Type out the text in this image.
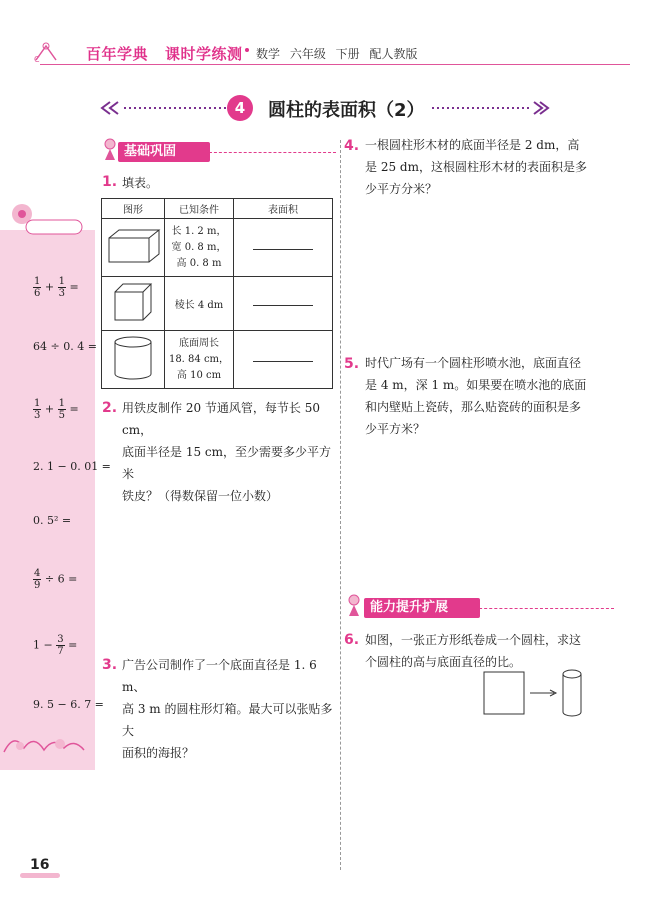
C	百年学典 课时学练测 数学 六年级 下册 配人教版
4	圆柱的表面积（2）
$\frac{1}{6} + \frac{1}{3}$ =
64 ÷ 0. 4 =
$\frac{1}{3} + \frac{1}{5}$ =
2. 1 − 0. 01 =
0. 5² =
$\frac{4}{9} \div 6$ =
$1 - \frac{3}{7}$ =
9. 5 − 6. 7 =
基础巩固
1. 填表。
图形	已知条件	表面积

长 1. 2 m，
宽 0. 8 m，
高 0. 8 m	

	棱长 4 dm	

底面周长
18. 84 cm，
高 10 cm	

2. 用铁皮制作 20 节通风管，每节长 50 cm，
底面半径是 15 cm，至少需要多少平方米
铁皮？（得数保留一位小数）
3. 广告公司制作了一个底面直径是 1. 6 m、
高 3 m 的圆柱形灯箱。最大可以张贴多大
面积的海报？
4. 一根圆柱形木材的底面半径是 2 dm，高
是 25 dm，这根圆柱形木材的表面积是多
少平方分米？
5. 时代广场有一个圆柱形喷水池，底面直径
是 4 m，深 1 m。如果要在喷水池的底面
和内壁贴上瓷砖，那么贴瓷砖的面积是多
少平方米？
能力提升扩展
6. 如图，一张正方形纸卷成一个圆柱，求这
个圆柱的高与底面直径的比。
16
